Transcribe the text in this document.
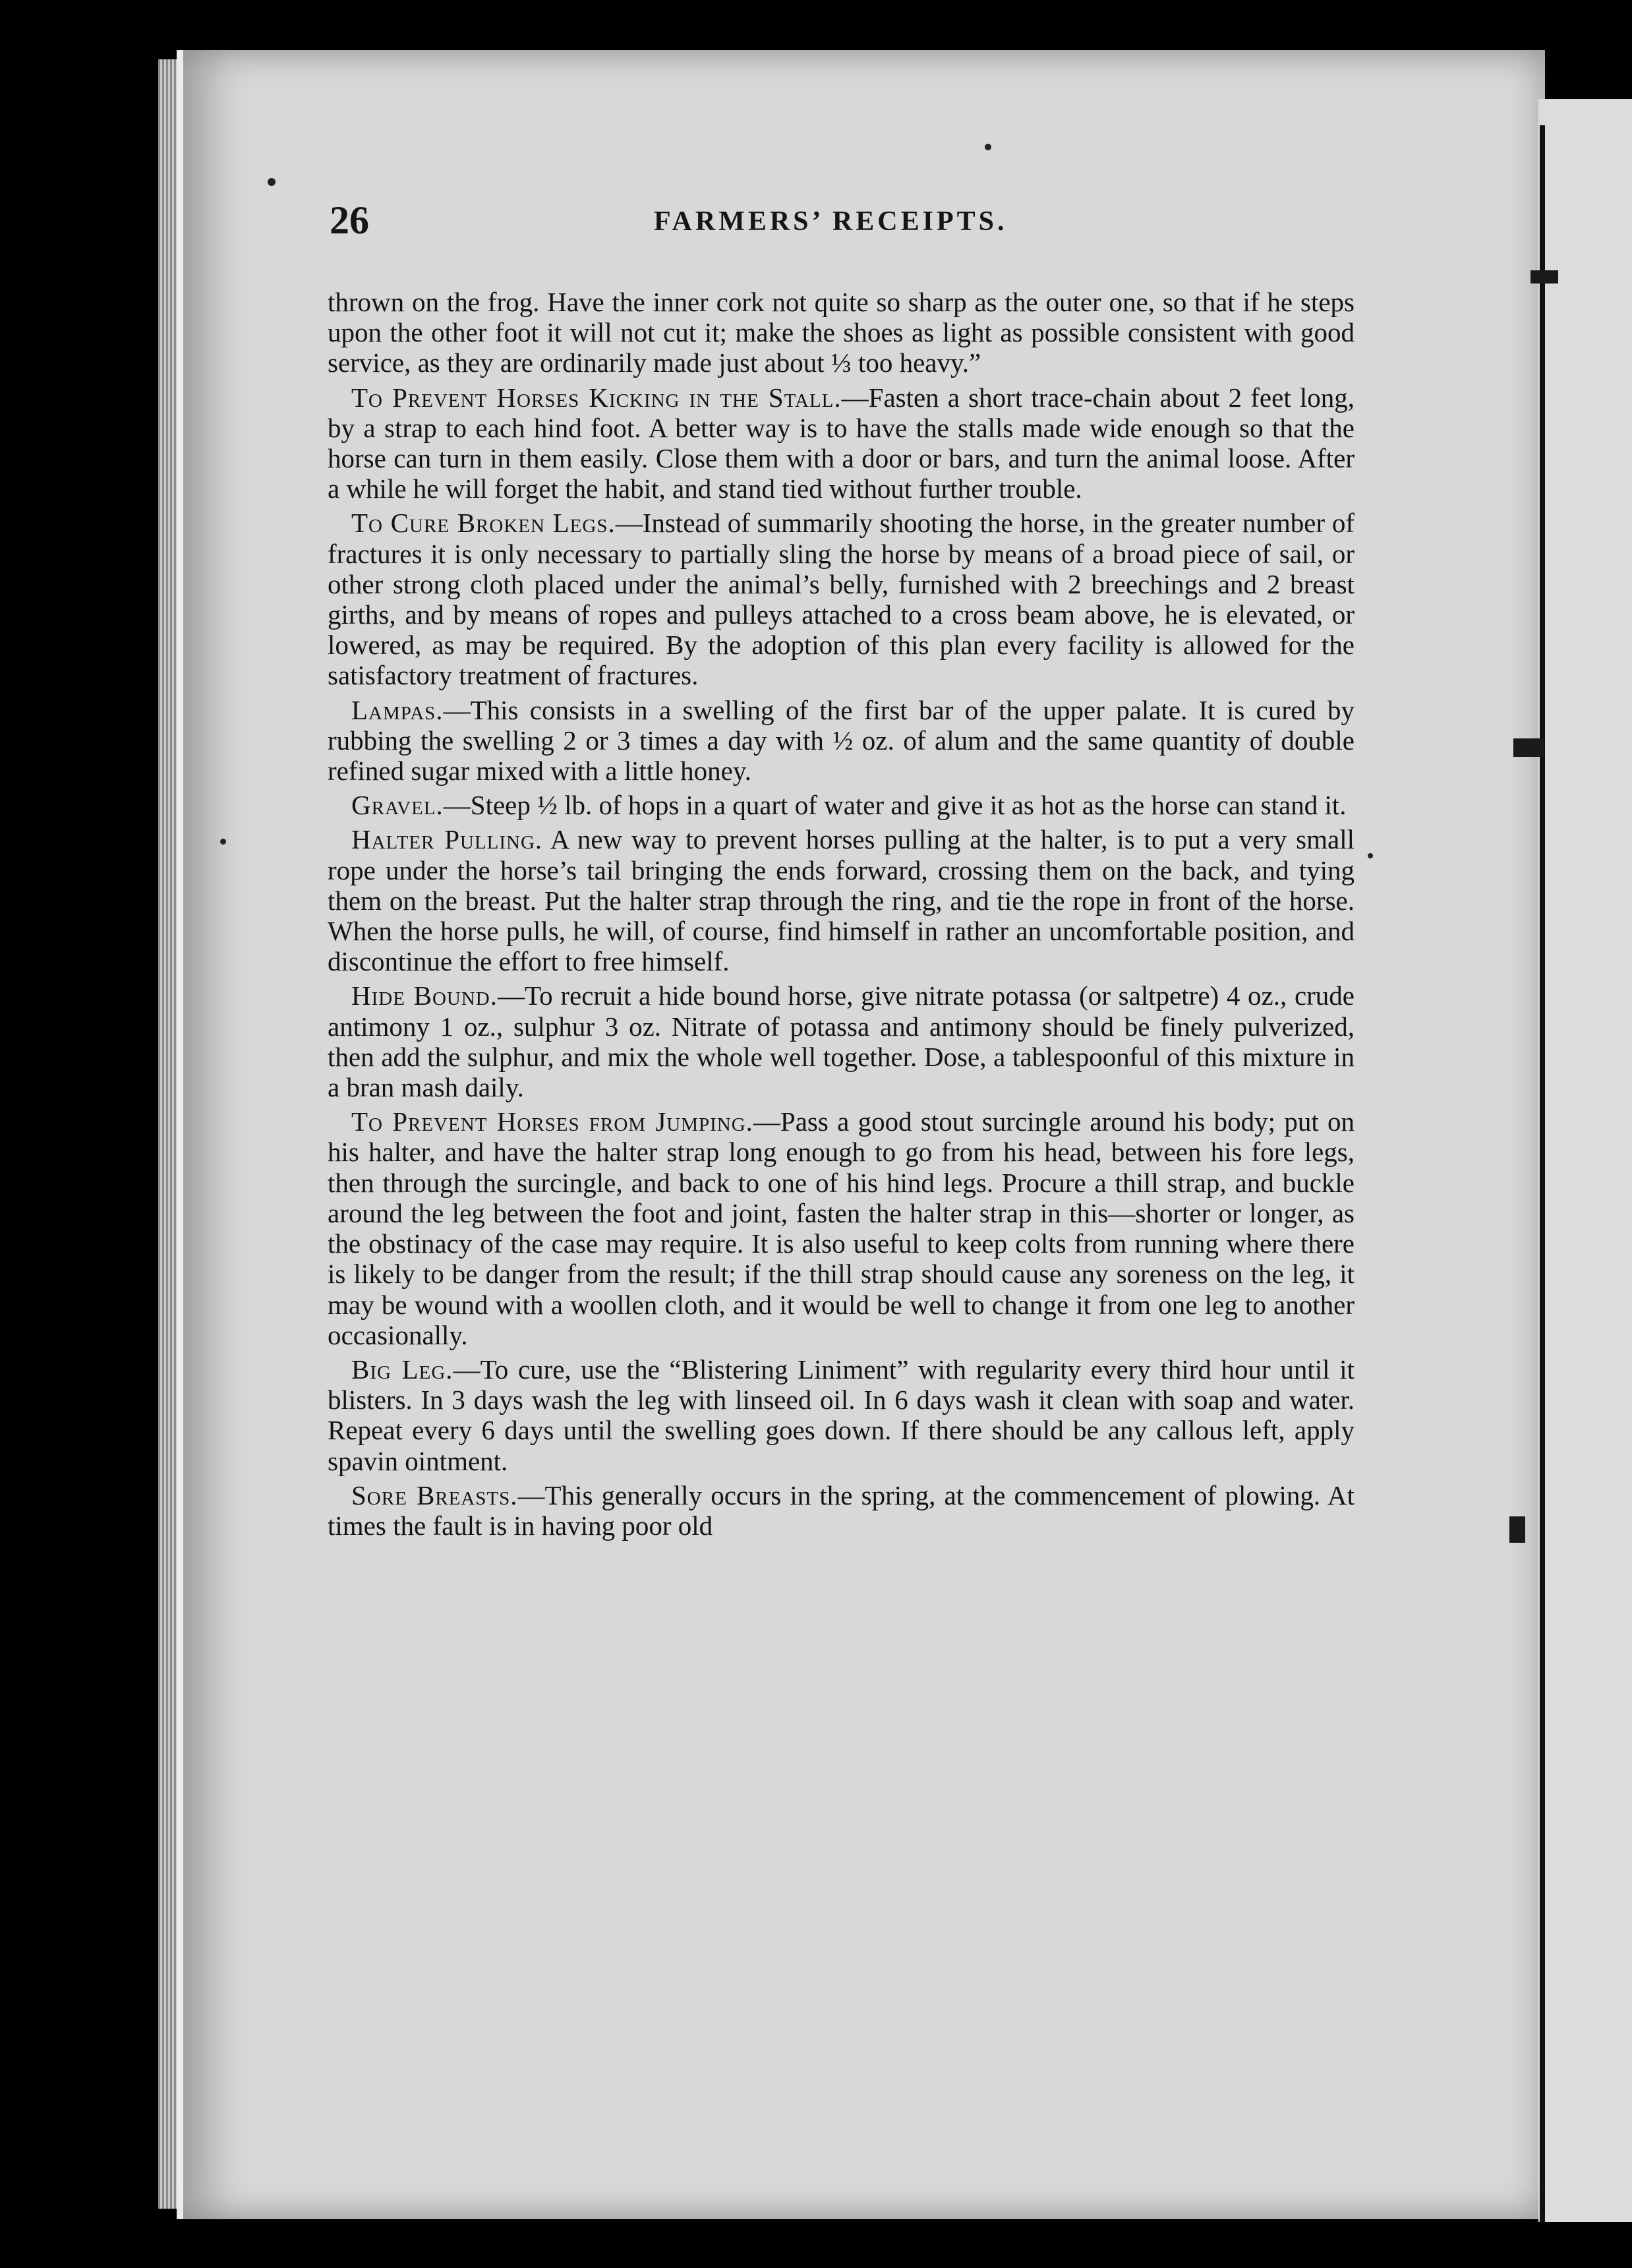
26	FARMERS’ RECEIPTS.

thrown on the frog. Have the inner cork not quite so sharp as the outer one, so that if he steps upon the other foot it will not cut it; make the shoes as light as possible consistent with good service, as they are ordinarily made just about ⅓ too heavy.”

To Prevent Horses Kicking in the Stall.—Fasten a short trace-chain about 2 feet long, by a strap to each hind foot. A better way is to have the stalls made wide enough so that the horse can turn in them easily. Close them with a door or bars, and turn the animal loose. After a while he will forget the habit, and stand tied without further trouble.

To Cure Broken Legs.—Instead of summarily shooting the horse, in the greater number of fractures it is only necessary to partially sling the horse by means of a broad piece of sail, or other strong cloth placed under the animal’s belly, furnished with 2 breechings and 2 breast girths, and by means of ropes and pulleys attached to a cross beam above, he is elevated, or lowered, as may be required. By the adoption of this plan every facility is allowed for the satisfactory treatment of fractures.

Lampas.—This consists in a swelling of the first bar of the upper palate. It is cured by rubbing the swelling 2 or 3 times a day with ½ oz. of alum and the same quantity of double refined sugar mixed with a little honey.

Gravel.—Steep ½ lb. of hops in a quart of water and give it as hot as the horse can stand it.

Halter Pulling. A new way to prevent horses pulling at the halter, is to put a very small rope under the horse’s tail bringing the ends forward, crossing them on the back, and tying them on the breast. Put the halter strap through the ring, and tie the rope in front of the horse. When the horse pulls, he will, of course, find himself in rather an uncomfortable position, and discontinue the effort to free himself.

Hide Bound.—To recruit a hide bound horse, give nitrate potassa (or saltpetre) 4 oz., crude antimony 1 oz., sulphur 3 oz. Nitrate of potassa and antimony should be finely pulverized, then add the sulphur, and mix the whole well together. Dose, a tablespoonful of this mixture in a bran mash daily.

To Prevent Horses from Jumping.—Pass a good stout surcingle around his body; put on his halter, and have the halter strap long enough to go from his head, between his fore legs, then through the surcingle, and back to one of his hind legs. Procure a thill strap, and buckle around the leg between the foot and joint, fasten the halter strap in this—shorter or longer, as the obstinacy of the case may require. It is also useful to keep colts from running where there is likely to be danger from the result; if the thill strap should cause any soreness on the leg, it may be wound with a woollen cloth, and it would be well to change it from one leg to another occasionally.

Big Leg.—To cure, use the “Blistering Liniment” with regularity every third hour until it blisters. In 3 days wash the leg with linseed oil. In 6 days wash it clean with soap and water. Repeat every 6 days until the swelling goes down. If there should be any callous left, apply spavin ointment.

Sore Breasts.—This generally occurs in the spring, at the commencement of plowing. At times the fault is in having poor old
